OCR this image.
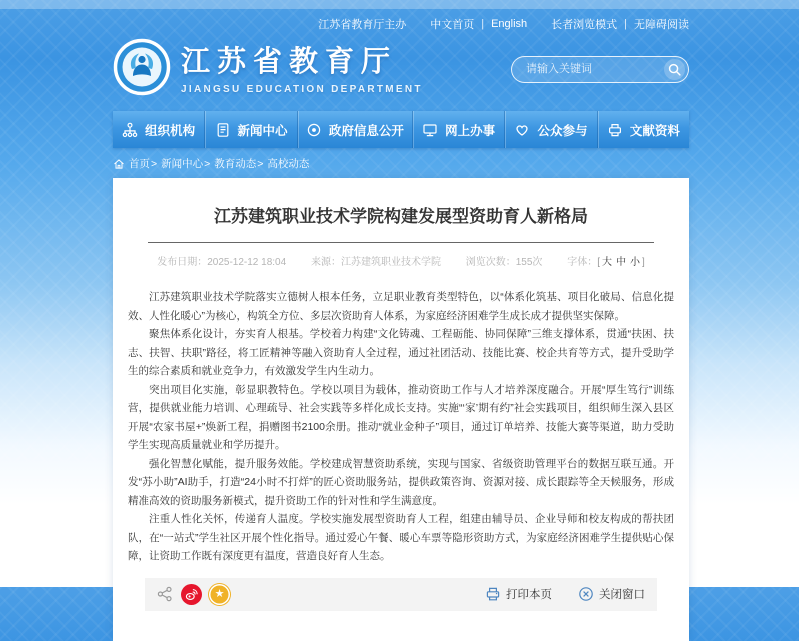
江苏省教育厅主办 中文首页 | English 长者浏览模式 | 无障碍阅读
江苏省教育厅
JIANGSU EDUCATION DEPARTMENT
请输入关键词
组织机构	新闻中心	政府信息公开	网上办事	公众参与	文献资料
首页 > 新闻中心 > 教育动态 > 高校动态
江苏建筑职业技术学院构建发展型资助育人新格局
发布日期：2025-12-12 18:04 来源：江苏建筑职业技术学院 浏览次数：155次 字体：[ 大 中 小 ]

江苏建筑职业技术学院落实立德树人根本任务，立足职业教育类型特色，以“体系化筑基、项目化破局、信息化提效、人性化暖心”为核心，构筑全方位、多层次资助育人体系，为家庭经济困难学生成长成才提供坚实保障。

聚焦体系化设计，夯实育人根基。学校着力构建“文化铸魂、工程砺能、协同保障”三维支撑体系，贯通“扶困、扶志、扶智、扶职”路径，将工匠精神等融入资助育人全过程，通过社团活动、技能比赛、校企共育等方式，提升受助学生的综合素质和就业竞争力，有效激发学生内生动力。

突出项目化实施，彰显职教特色。学校以项目为载体，推动资助工作与人才培养深度融合。开展“厚生笃行”训练营，提供就业能力培训、心理疏导、社会实践等多样化成长支持。实施“‘家’期有约”社会实践项目，组织师生深入县区开展“农家书屋+”焕新工程，捐赠图书2100余册。推动“就业金种子”项目，通过订单培养、技能大赛等渠道，助力受助学生实现高质量就业和学历提升。

强化智慧化赋能，提升服务效能。学校建成智慧资助系统，实现与国家、省级资助管理平台的数据互联互通。开发“苏小助”AI助手，打造“24小时不打烊”的匠心资助服务站，提供政策咨询、资源对接、成长跟踪等全天候服务，形成精准高效的资助服务新模式，提升资助工作的针对性和学生满意度。

注重人性化关怀，传递育人温度。学校实施发展型资助育人工程，组建由辅导员、企业导师和校友构成的帮扶团队，在“一站式”学生社区开展个性化指导。通过爱心午餐、暖心车票等隐形资助方式，为家庭经济困难学生提供贴心保障，让资助工作既有深度更有温度，营造良好育人生态。

★	打印本页	关闭窗口
